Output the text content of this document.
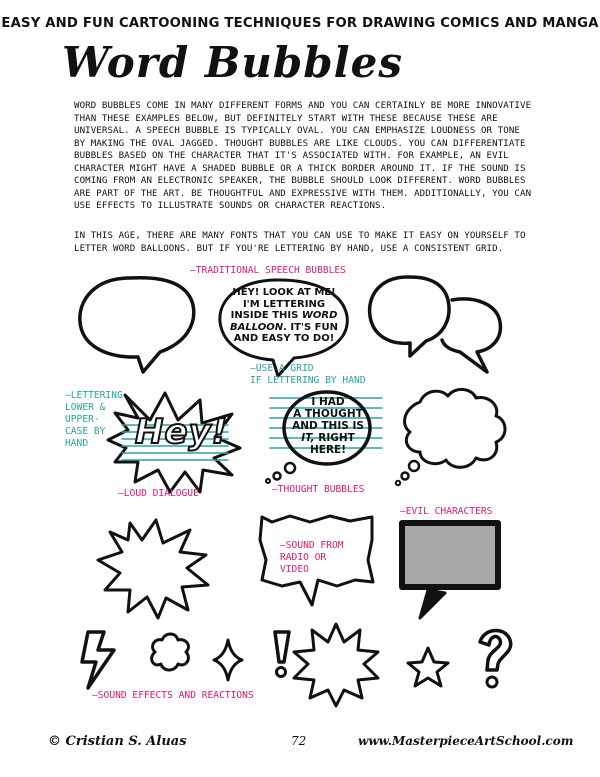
EASY AND FUN CARTOONING TECHNIQUES FOR DRAWING COMICS AND MANGA
Word Bubbles
WORD BUBBLES COME IN MANY DIFFERENT FORMS AND YOU CAN CERTAINLY BE MORE INNOVATIVE THAN THESE EXAMPLES BELOW, BUT DEFINITELY START WITH THESE BECAUSE THESE ARE UNIVERSAL. A SPEECH BUBBLE IS TYPICALLY OVAL. YOU CAN EMPHASIZE LOUDNESS OR TONE BY MAKING THE OVAL JAGGED. THOUGHT BUBBLES ARE LIKE CLOUDS. YOU CAN DIFFERENTIATE BUBBLES BASED ON THE CHARACTER THAT IT'S ASSOCIATED WITH. FOR EXAMPLE, AN EVIL CHARACTER MIGHT HAVE A SHADED BUBBLE OR A THICK BORDER AROUND IT. IF THE SOUND IS COMING FROM AN ELECTRONIC SPEAKER, THE BUBBLE SHOULD LOOK DIFFERENT. WORD BUBBLES ARE PART OF THE ART. BE THOUGHTFUL AND EXPRESSIVE WITH THEM. ADDITIONALLY, YOU CAN USE EFFECTS TO ILLUSTRATE SOUNDS OR CHARACTER REACTIONS.
IN THIS AGE, THERE ARE MANY FONTS THAT YOU CAN USE TO MAKE IT EASY ON YOURSELF TO LETTER WORD BALLOONS. BUT IF YOU'RE LETTERING BY HAND, USE A CONSISTENT GRID.
HEY! LOOK AT ME!
I'M LETTERING
INSIDE THIS WORD
BALLOON. IT'S FUN
AND EASY TO DO!
Hey!
I HAD
A THOUGHT
AND THIS IS
IT, RIGHT
HERE!
–TRADITIONAL SPEECH BUBBLES
–USE A GRID
IF LETTERING BY HAND
–LETTERING
LOWER &
UPPER-
CASE BY
HAND
–LOUD DIALOGUE	–THOUGHT BUBBLES
–EVIL CHARACTERS
–SOUND FROM
RADIO OR
VIDEO
–SOUND EFFECTS AND REACTIONS
© Cristian S. Aluas	72	www.MasterpieceArtSchool.com
